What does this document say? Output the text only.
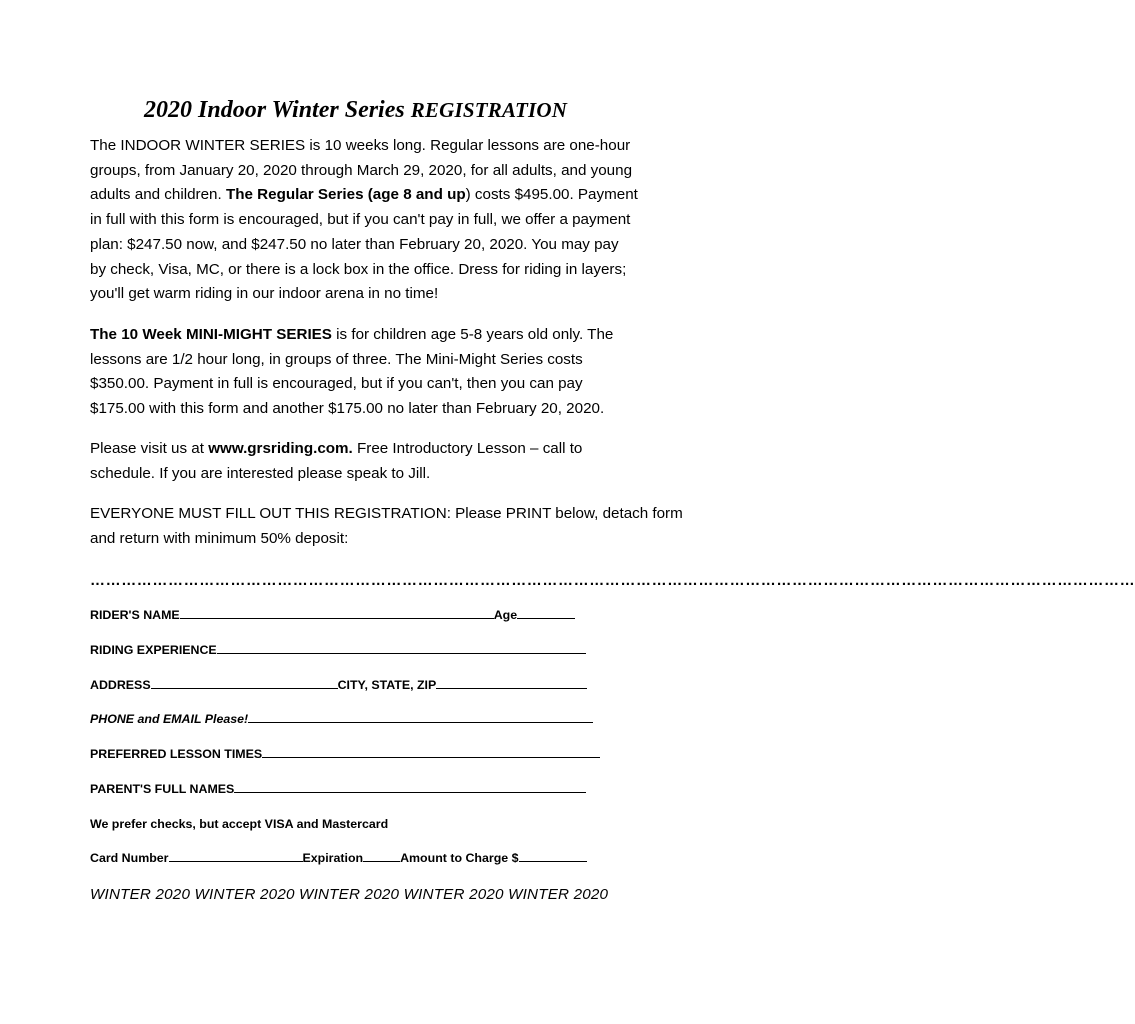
2020 Indoor Winter Series REGISTRATION
The INDOOR WINTER SERIES is 10 weeks long. Regular lessons are one-hour
groups, from January 20, 2020 through March 29, 2020, for all adults, and young
adults and children. The Regular Series (age 8 and up) costs $495.00. Payment
in full with this form is encouraged, but if you can't pay in full, we offer a payment
plan: $247.50 now, and $247.50 no later than February 20, 2020. You may pay
by check, Visa, MC, or there is a lock box in the office. Dress for riding in layers;
you'll get warm riding in our indoor arena in no time!
The 10 Week MINI-MIGHT SERIES is for children age 5-8 years old only. The
lessons are 1/2 hour long, in groups of three. The Mini-Might Series costs
$350.00. Payment in full is encouraged, but if you can't, then you can pay
$175.00 with this form and another $175.00 no later than February 20, 2020.
Please visit us at www.grsriding.com. Free Introductory Lesson – call to
schedule. If you are interested please speak to Jill.
EVERYONE MUST FILL OUT THIS REGISTRATION: Please PRINT below, detach form
and return with minimum 50% deposit:
…………………………………………………………………………………………………………………………………………………………………………………
RIDER'S NAME	Age
RIDING EXPERIENCE
ADDRESS	CITY, STATE, ZIP
PHONE and EMAIL Please!
PREFERRED LESSON TIMES
PARENT'S FULL NAMES
We prefer checks, but accept VISA and Mastercard
Card Number	Expiration	Amount to Charge $
WINTER 2020 WINTER 2020 WINTER 2020 WINTER 2020 WINTER 2020
